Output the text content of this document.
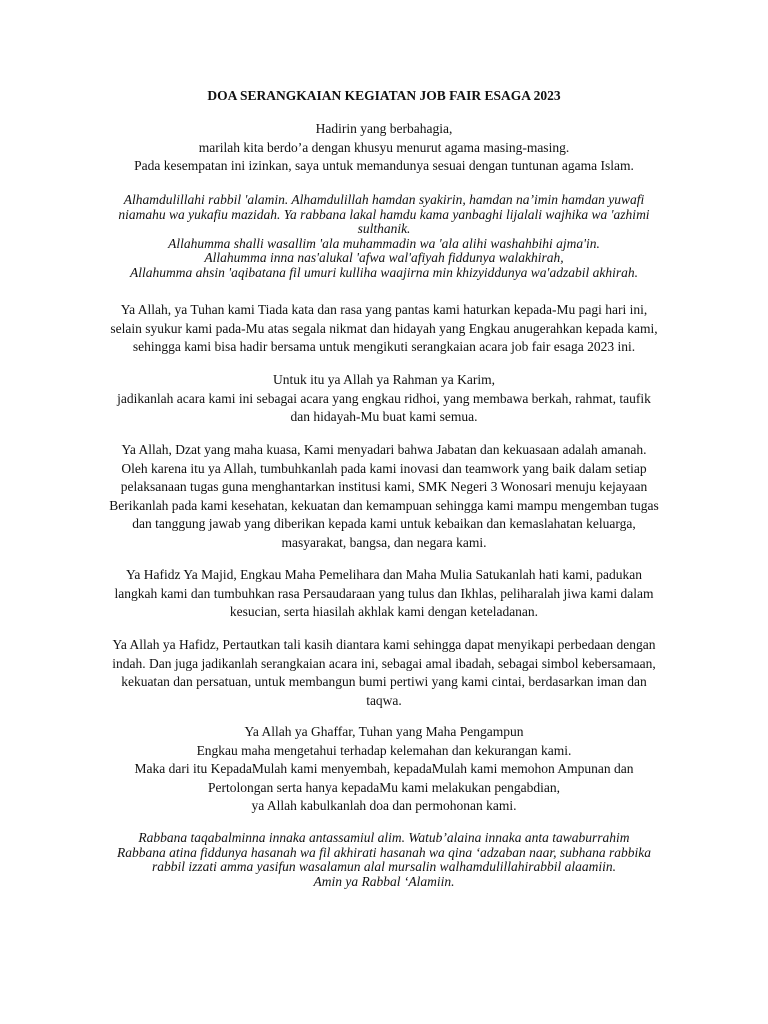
DOA SERANGKAIAN KEGIATAN JOB FAIR ESAGA 2023
Hadirin yang berbahagia,
marilah kita berdo’a dengan khusyu menurut agama masing-masing.
Pada kesempatan ini izinkan, saya untuk memandunya sesuai dengan tuntunan agama Islam.
Alhamdulillahi rabbil 'alamin. Alhamdulillah hamdan syakirin, hamdan na’imin hamdan yuwafi
niamahu wa yukafiu mazidah. Ya rabbana lakal hamdu kama yanbaghi lijalali wajhika wa 'azhimi
sulthanik.
Allahumma shalli wasallim 'ala muhammadin wa 'ala alihi washahbihi ajma'in.
Allahumma inna nas'alukal 'afwa wal'afiyah fiddunya walakhirah,
Allahumma ahsin 'aqibatana fil umuri kulliha waajirna min khizyiddunya wa'adzabil akhirah.
Ya Allah, ya Tuhan kami Tiada kata dan rasa yang pantas kami haturkan kepada-Mu pagi hari ini,
selain syukur kami pada-Mu atas segala nikmat dan hidayah yang Engkau anugerahkan kepada kami,
sehingga kami bisa hadir bersama untuk mengikuti serangkaian acara job fair esaga 2023 ini.
Untuk itu ya Allah ya Rahman ya Karim,
jadikanlah acara kami ini sebagai acara yang engkau ridhoi, yang membawa berkah, rahmat, taufik
dan hidayah-Mu buat kami semua.
Ya Allah, Dzat yang maha kuasa, Kami menyadari bahwa Jabatan dan kekuasaan adalah amanah.
Oleh karena itu ya Allah, tumbuhkanlah pada kami inovasi dan teamwork yang baik dalam setiap
pelaksanaan tugas guna menghantarkan institusi kami, SMK Negeri 3 Wonosari menuju kejayaan
Berikanlah pada kami kesehatan, kekuatan dan kemampuan sehingga kami mampu mengemban tugas
dan tanggung jawab yang diberikan kepada kami untuk kebaikan dan kemaslahatan keluarga,
masyarakat, bangsa, dan negara kami.
Ya Hafidz Ya Majid, Engkau Maha Pemelihara dan Maha Mulia Satukanlah hati kami, padukan
langkah kami dan tumbuhkan rasa Persaudaraan yang tulus dan Ikhlas, peliharalah jiwa kami dalam
kesucian, serta hiasilah akhlak kami dengan keteladanan.
Ya Allah ya Hafidz, Pertautkan tali kasih diantara kami sehingga dapat menyikapi perbedaan dengan
indah. Dan juga jadikanlah serangkaian acara ini, sebagai amal ibadah, sebagai simbol kebersamaan,
kekuatan dan persatuan, untuk membangun bumi pertiwi yang kami cintai, berdasarkan iman dan
taqwa.
Ya Allah ya Ghaffar, Tuhan yang Maha Pengampun
Engkau maha mengetahui terhadap kelemahan dan kekurangan kami.
Maka dari itu KepadaMulah kami menyembah, kepadaMulah kami memohon Ampunan dan
Pertolongan serta hanya kepadaMu kami melakukan pengabdian,
ya Allah kabulkanlah doa dan permohonan kami.
Rabbana taqabalminna innaka antassamiul alim. Watub’alaina innaka anta tawaburrahim
Rabbana atina fiddunya hasanah wa fil akhirati hasanah wa qina ‘adzaban naar, subhana rabbika
rabbil izzati amma yasifun wasalamun alal mursalin walhamdulillahirabbil alaamiin.
Amin ya Rabbal ‘Alamiin.
